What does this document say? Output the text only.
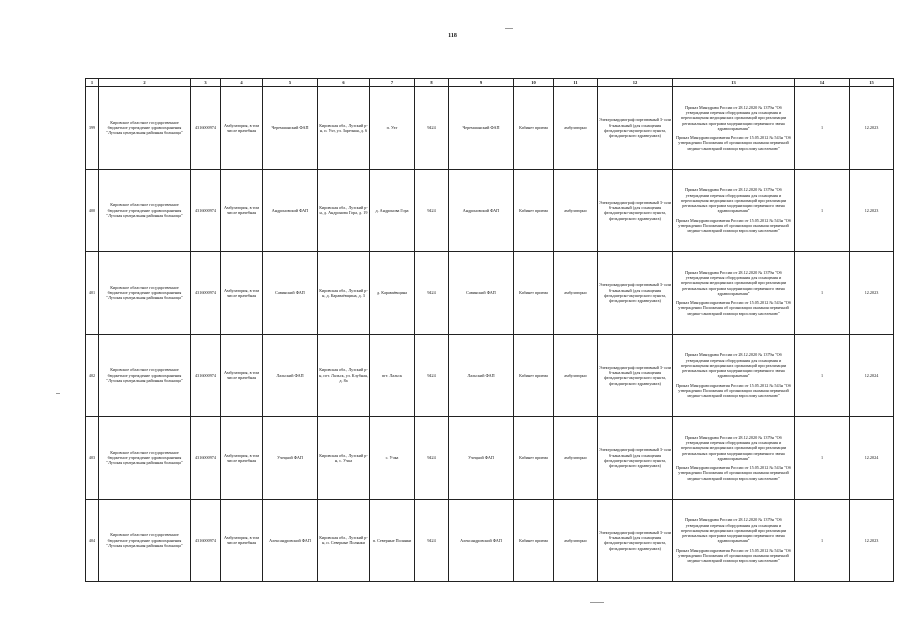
118
1	2	3	4	5	6	7	8	9	10	11	12	13	14	15
399	Кировское областное государственное бюджетное учреждение здравоохранения "Лузская центральная районная больница"	4316000974	Амбулатория, в том числе врачебная	Черемшанский ФАП	Кировская обл., Лузский р-н, п. Ухт, ул. Заречная, д. 6	п. Ухт	9424	Черемшанский ФАП	Кабинет приема	амбулаторно	Электрокардиограф портативный 3- или 6-канальный (для оснащения фельдшерско-акушерского пункта, фельдшерского здравпункта)	Приказ Минздрава России от 28.12.2020 № 1379н "Об утверждении перечня оборудования для оснащения и переоснащения медицинских организаций при реализации региональных программ модернизации первичного звена здравоохранения"

Приказ Минздравсоцразвития России от 15.05.2012 № 543н "Об утверждении Положения об организации оказания первичной медико-санитарной помощи взрослому населению"	1	12.2023
400	Кировское областное государственное бюджетное учреждение здравоохранения "Лузская центральная районная больница"	4316000974	Амбулатория, в том числе врачебная	Андроновский ФАП	Кировская обл., Лузский р-н, д. Андронова Гора, д. 19	д. Андронова Гора	9424	Андроновский ФАП	Кабинет приема	амбулаторно	Электрокардиограф портативный 3- или 6-канальный (для оснащения фельдшерско-акушерского пункта, фельдшерского здравпункта)	Приказ Минздрава России от 28.12.2020 № 1379н "Об утверждении перечня оборудования для оснащения и переоснащения медицинских организаций при реализации региональных программ модернизации первичного звена здравоохранения"

Приказ Минздравсоцразвития России от 15.05.2012 № 543н "Об утверждении Положения об организации оказания первичной медико-санитарной помощи взрослому населению"	1	12.2023
401	Кировское областное государственное бюджетное учреждение здравоохранения "Лузская центральная районная больница"	4316000974	Амбулатория, в том числе врачебная	Савинский ФАП	Кировская обл., Лузский р-н, д. Караваёвщина, д. 3	д. Караваёвщина	9424	Савинский ФАП	Кабинет приема	амбулаторно	Электрокардиограф портативный 3- или 6-канальный (для оснащения фельдшерско-акушерского пункта, фельдшерского здравпункта)	Приказ Минздрава России от 28.12.2020 № 1379н "Об утверждении перечня оборудования для оснащения и переоснащения медицинских организаций при реализации региональных программ модернизации первичного звена здравоохранения"

Приказ Минздравсоцразвития России от 15.05.2012 № 543н "Об утверждении Положения об организации оказания первичной медико-санитарной помощи взрослому населению"	1	12.2023
402	Кировское областное государственное бюджетное учреждение здравоохранения "Лузская центральная районная больница"	4316000974	Амбулатория, в том числе врачебная	Лальский ФАП	Кировская обл., Лузский р-н, пгт. Лальск, ул. Клубная, д. 8а	пгт. Лальск	9424	Лальский ФАП	Кабинет приема	амбулаторно	Электрокардиограф портативный 3- или 6-канальный (для оснащения фельдшерско-акушерского пункта, фельдшерского здравпункта)	Приказ Минздрава России от 28.12.2020 № 1379н "Об утверждении перечня оборудования для оснащения и переоснащения медицинских организаций при реализации региональных программ модернизации первичного звена здравоохранения"

Приказ Минздравсоцразвития России от 15.05.2012 № 543н "Об утверждении Положения об организации оказания первичной медико-санитарной помощи взрослому населению"	1	12.2024
403	Кировское областное государственное бюджетное учреждение здравоохранения "Лузская центральная районная больница"	4316000974	Амбулатория, в том числе врачебная	Учецкий ФАП	Кировская обл., Лузский р-н, с. Учка	с. Учка	9424	Учецкий ФАП	Кабинет приема	амбулаторно	Электрокардиограф портативный 3- или 6-канальный (для оснащения фельдшерско-акушерского пункта, фельдшерского здравпункта)	Приказ Минздрава России от 28.12.2020 № 1379н "Об утверждении перечня оборудования для оснащения и переоснащения медицинских организаций при реализации региональных программ модернизации первичного звена здравоохранения"

Приказ Минздравсоцразвития России от 15.05.2012 № 543н "Об утверждении Положения об организации оказания первичной медико-санитарной помощи взрослому населению"	1	12.2024
404	Кировское областное государственное бюджетное учреждение здравоохранения "Лузская центральная районная больница"	4316000974	Амбулатория, в том числе врачебная	Александровский ФАП	Кировская обл., Лузский р-н, п. Северные Полянки	п. Северные Полянки	9424	Александровский ФАП	Кабинет приема	амбулаторно	Электрокардиограф портативный 3- или 6-канальный (для оснащения фельдшерско-акушерского пункта, фельдшерского здравпункта)	Приказ Минздрава России от 28.12.2020 № 1379н "Об утверждении перечня оборудования для оснащения и переоснащения медицинских организаций при реализации региональных программ модернизации первичного звена здравоохранения"

Приказ Минздравсоцразвития России от 15.05.2012 № 543н "Об утверждении Положения об организации оказания первичной медико-санитарной помощи взрослому населению"	1	12.2023
